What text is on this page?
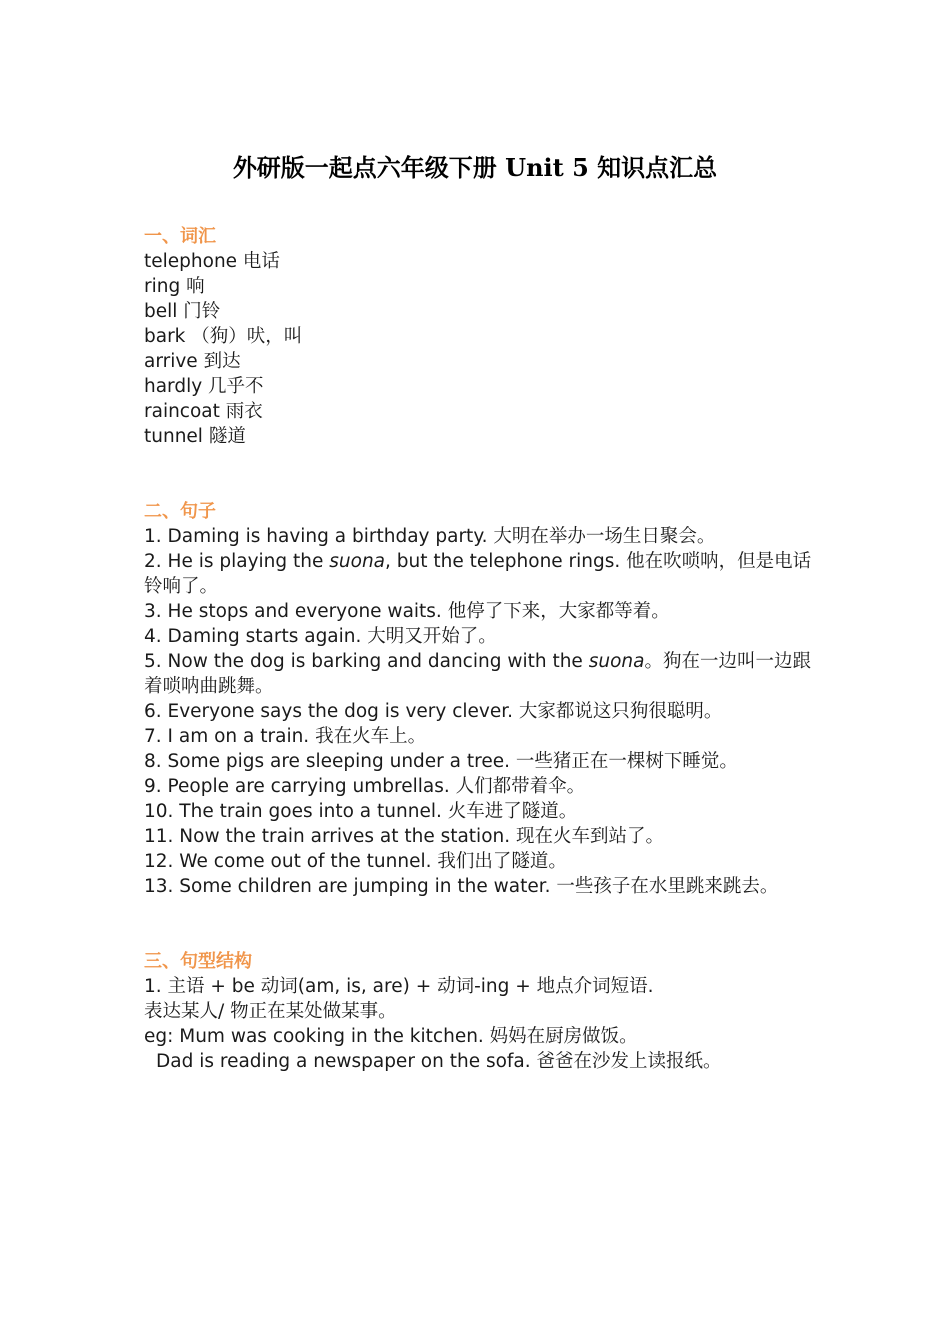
外研版一起点六年级下册 Unit 5 知识点汇总
一、词汇
telephone 电话
ring 响
bell 门铃
bark （狗）吠，叫
arrive 到达
hardly 几乎不
raincoat 雨衣
tunnel 隧道
二、句子
1. Daming is having a birthday party. 大明在举办一场生日聚会。
2. He is playing the suona, but the telephone rings. 他在吹唢呐，但是电话铃响了。
3. He stops and everyone waits. 他停了下来，大家都等着。
4. Daming starts again. 大明又开始了。
5. Now the dog is barking and dancing with the suona。狗在一边叫一边跟着唢呐曲跳舞。
6. Everyone says the dog is very clever. 大家都说这只狗很聪明。
7. I am on a train. 我在火车上。
8. Some pigs are sleeping under a tree. 一些猪正在一棵树下睡觉。
9. People are carrying umbrellas. 人们都带着伞。
10. The train goes into a tunnel. 火车进了隧道。
11. Now the train arrives at the station. 现在火车到站了。
12. We come out of the tunnel. 我们出了隧道。
13. Some children are jumping in the water. 一些孩子在水里跳来跳去。
三、句型结构
1. 主语 + be 动词(am, is, are) + 动词-ing + 地点介词短语.
表达某人/ 物正在某处做某事。
eg: Mum was cooking in the kitchen. 妈妈在厨房做饭。
Dad is reading a newspaper on the sofa. 爸爸在沙发上读报纸。
